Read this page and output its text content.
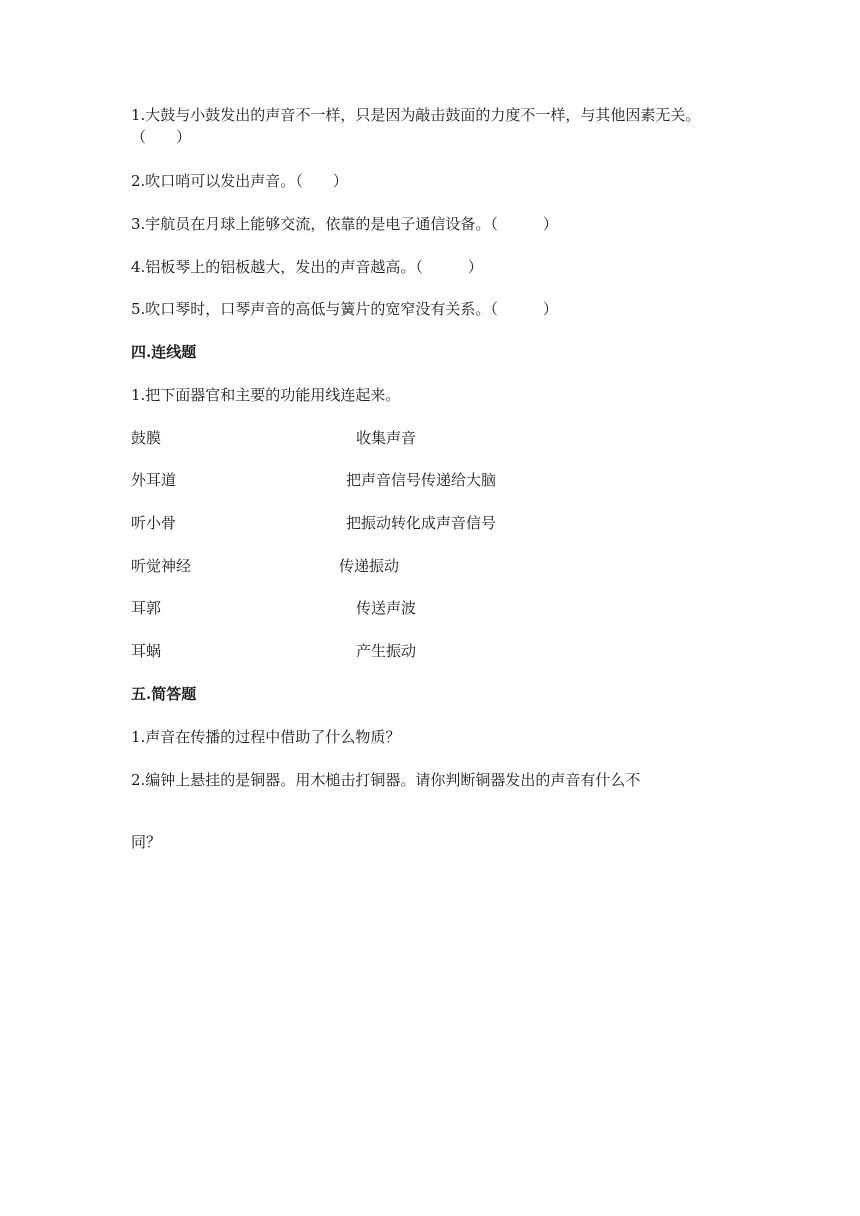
1.大鼓与小鼓发出的声音不一样，只是因为敲击鼓面的力度不一样，与其他因素无关。（　　）
2.吹口哨可以发出声音。（　　）
3.宇航员在月球上能够交流，依靠的是电子通信设备。（　　　）
4.铝板琴上的铝板越大，发出的声音越高。（　　　）
5.吹口琴时，口琴声音的高低与簧片的宽窄没有关系。（　　　）
四.连线题
1.把下面器官和主要的功能用线连起来。
鼓膜	收集声音
外耳道	把声音信号传递给大脑
听小骨	把振动转化成声音信号
听觉神经	传递振动
耳郭	传送声波
耳蜗	产生振动
五.简答题
1.声音在传播的过程中借助了什么物质？
2.编钟上悬挂的是铜器。用木槌击打铜器。请你判断铜器发出的声音有什么不
同？
